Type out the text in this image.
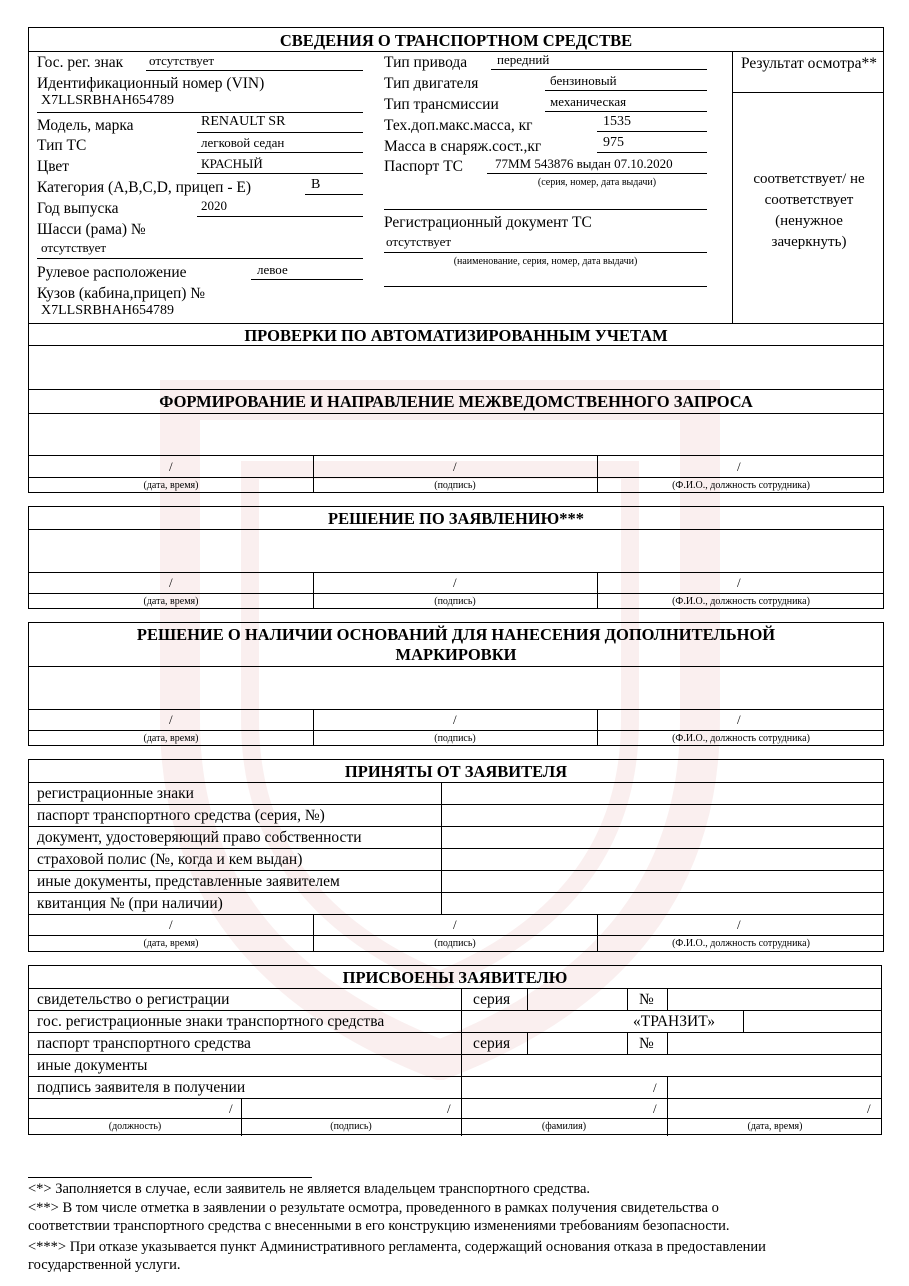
СВЕДЕНИЯ О ТРАНСПОРТНОМ СРЕДСТВЕ
Гос. рег. знак отсутствует
Идентификационный номер (VIN)
X7LLSRBHAH654789
Модель, марка	RENAULT SR
Тип ТС	легковой седан
Цвет	КРАСНЫЙ
Категория (A,B,C,D, прицеп - E)	В
Год выпуска	2020
Шасси (рама) №
отсутствует
Рулевое расположение	левое
Кузов (кабина,прицеп) №
X7LLSRBHAH654789
Тип привода передний
Тип двигателя	бензиновый
Тип трансмиссии	механическая
Тех.доп.макс.масса, кг	1535
Масса в снаряж.сост.,кг	975
Паспорт ТС 77ММ 543876 выдан 07.10.2020
(серия, номер, дата выдачи)
Регистрационный документ ТС
отсутствует
(наименование, серия, номер, дата выдачи)
Результат осмотра**
соответствует/ не соответствует (ненужное зачеркнуть)
ПРОВЕРКИ ПО АВТОМАТИЗИРОВАННЫМ УЧЕТАМ
ФОРМИРОВАНИЕ И НАПРАВЛЕНИЕ МЕЖВЕДОМСТВЕННОГО ЗАПРОСА
/	/	/
(дата, время)	(подпись)	(Ф.И.О., должность сотрудника)
РЕШЕНИЕ ПО ЗАЯВЛЕНИЮ***
/	/	/
(дата, время)	(подпись)	(Ф.И.О., должность сотрудника)
РЕШЕНИЕ О НАЛИЧИИ ОСНОВАНИЙ ДЛЯ НАНЕСЕНИЯ ДОПОЛНИТЕЛЬНОЙ
МАРКИРОВКИ
/	/	/
(дата, время)	(подпись)	(Ф.И.О., должность сотрудника)
ПРИНЯТЫ ОТ ЗАЯВИТЕЛЯ
регистрационные знаки
паспорт транспортного средства (серия, №)
документ, удостоверяющий право собственности
страховой полис (№, когда и кем выдан)
иные документы, представленные заявителем
квитанция № (при наличии)
/	/	/
(дата, время)	(подпись)	(Ф.И.О., должность сотрудника)
ПРИСВОЕНЫ ЗАЯВИТЕЛЮ
свидетельство о регистрации	серия	№
гос. регистрационные знаки транспортного средства	«ТРАНЗИТ»
паспорт транспортного средства	серия	№
иные документы
подпись заявителя в получении	/
/	/	/	/
(должность)	(подпись)	(фамилия)	(дата, время)
<*> Заполняется в случае, если заявитель не является владельцем транспортного средства.
<**> В том числе отметка в заявлении о результате осмотра, проведенного в рамках получения свидетельства о
соответствии транспортного средства с внесенными в его конструкцию изменениями требованиям безопасности.
<***> При отказе указывается пункт Административного регламента, содержащий основания отказа в предоставлении
государственной услуги.
